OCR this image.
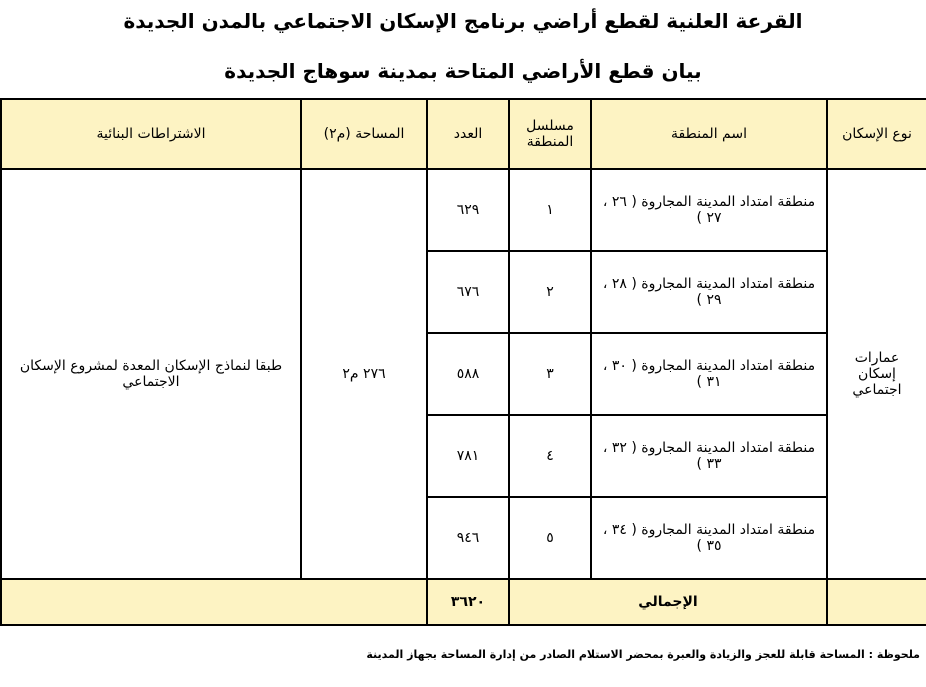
القرعة العلنية لقطع أراضي برنامج الإسكان الاجتماعي بالمدن الجديدة
بيان قطع الأراضي المتاحة بمدينة سوهاج الجديدة
نوع الإسكان	اسم المنطقة	مسلسل المنطقة	العدد	المساحة (م٢)	الاشتراطات البنائية
عمارات إسكان اجتماعي	منطقة امتداد المدينة المجاروة ( ٢٦ ، ٢٧ )	١	٦٢٩	٢٧٦ م٢	طبقا لنماذج الإسكان المعدة لمشروع الإسكان الاجتماعي
	منطقة امتداد المدينة المجاروة ( ٢٨ ، ٢٩ )	٢	٦٧٦		
	منطقة امتداد المدينة المجاروة ( ٣٠ ، ٣١ )	٣	٥٨٨		
	منطقة امتداد المدينة المجاروة ( ٣٢ ، ٣٣ )	٤	٧٨١		
	منطقة امتداد المدينة المجاروة ( ٣٤ ، ٣٥ )	٥	٩٤٦		
	الإجمالي		٣٦٢٠		
ملحوظة : المساحة قابلة للعجز والزيادة والعبرة بمحضر الاستلام الصادر من إدارة المساحة بجهاز المدينة
